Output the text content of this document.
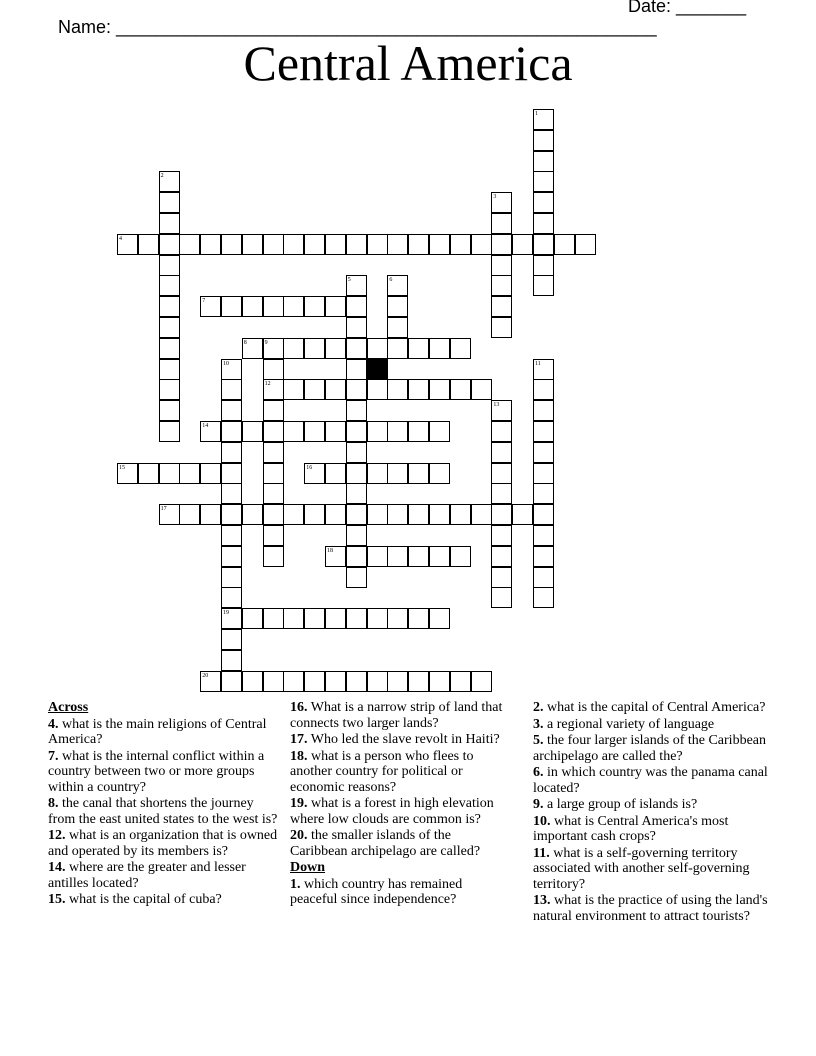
Name: ______________________________________________________

Date: _______

Central America
1
2
3
4
5	6
7
8	9
10	11
12
13
14
15	16
17
18
19
20

Across

4. what is the main religions of Central America?

7. what is the internal conflict within a country between two or more groups within a country?

8. the canal that shortens the journey from the east united states to the west is?

12. what is an organization that is owned and operated by its members is?

14. where are the greater and lesser antilles located?

15. what is the capital of cuba?

16. What is a narrow strip of land that connects two larger lands?

17. Who led the slave revolt in Haiti?

18. what is a person who flees to another country for political or economic reasons?

19. what is a forest in high elevation where low clouds are common is?

20. the smaller islands of the Caribbean archipelago are called?

Down

1. which country has remained peaceful since independence?

2. what is the capital of Central America?

3. a regional variety of language

5. the four larger islands of the Caribbean archipelago are called the?

6. in which country was the panama canal located?

9. a large group of islands is?

10. what is Central America's most important cash crops?

11. what is a self-governing territory associated with another self-governing territory?

13. what is the practice of using the land's natural environment to attract tourists?
